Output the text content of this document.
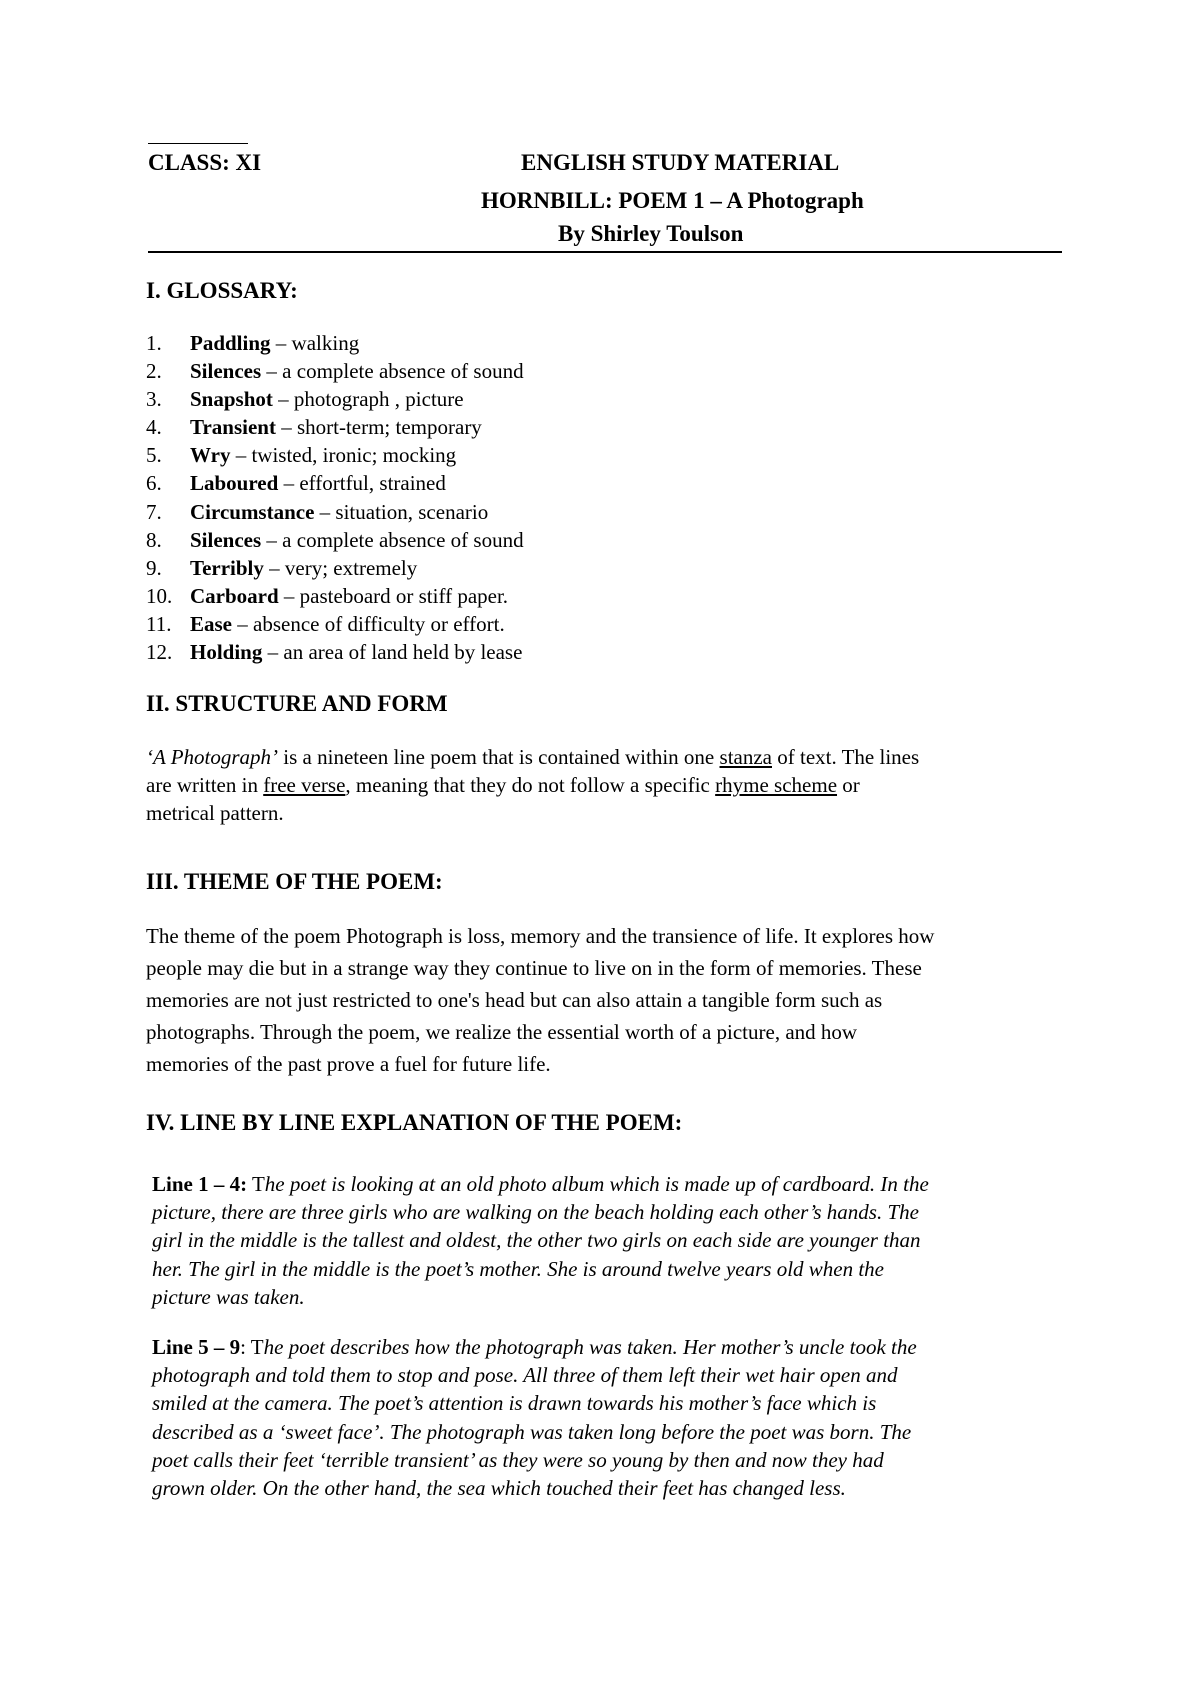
CLASS: XI	ENGLISH STUDY MATERIAL
HORNBILL: POEM 1 – A Photograph
By Shirley Toulson
I. GLOSSARY:
1. Paddling – walking
2. Silences – a complete absence of sound
3. Snapshot – photograph , picture
4. Transient – short-term; temporary
5. Wry – twisted, ironic; mocking
6. Laboured – effortful, strained
7. Circumstance – situation, scenario
8. Silences – a complete absence of sound
9. Terribly – very; extremely
10. Carboard – pasteboard or stiff paper.
11. Ease – absence of difficulty or effort.
12. Holding – an area of land held by lease
II. STRUCTURE AND FORM
‘A Photograph’ is a nineteen line poem that is contained within one stanza of text. The lines
are written in free verse, meaning that they do not follow a specific rhyme scheme or
metrical pattern.
III. THEME OF THE POEM:
The theme of the poem Photograph is loss, memory and the transience of life. It explores how
people may die but in a strange way they continue to live on in the form of memories. These
memories are not just restricted to one's head but can also attain a tangible form such as
photographs. Through the poem, we realize the essential worth of a picture, and how
memories of the past prove a fuel for future life.
IV. LINE BY LINE EXPLANATION OF THE POEM:
Line 1 – 4: The poet is looking at an old photo album which is made up of cardboard. In the
picture, there are three girls who are walking on the beach holding each other’s hands. The
girl in the middle is the tallest and oldest, the other two girls on each side are younger than
her. The girl in the middle is the poet’s mother. She is around twelve years old when the
picture was taken.
Line 5 – 9: The poet describes how the photograph was taken. Her mother’s uncle took the
photograph and told them to stop and pose. All three of them left their wet hair open and
smiled at the camera. The poet’s attention is drawn towards his mother’s face which is
described as a ‘sweet face’. The photograph was taken long before the poet was born. The
poet calls their feet ‘terrible transient’ as they were so young by then and now they had
grown older. On the other hand, the sea which touched their feet has changed less.
